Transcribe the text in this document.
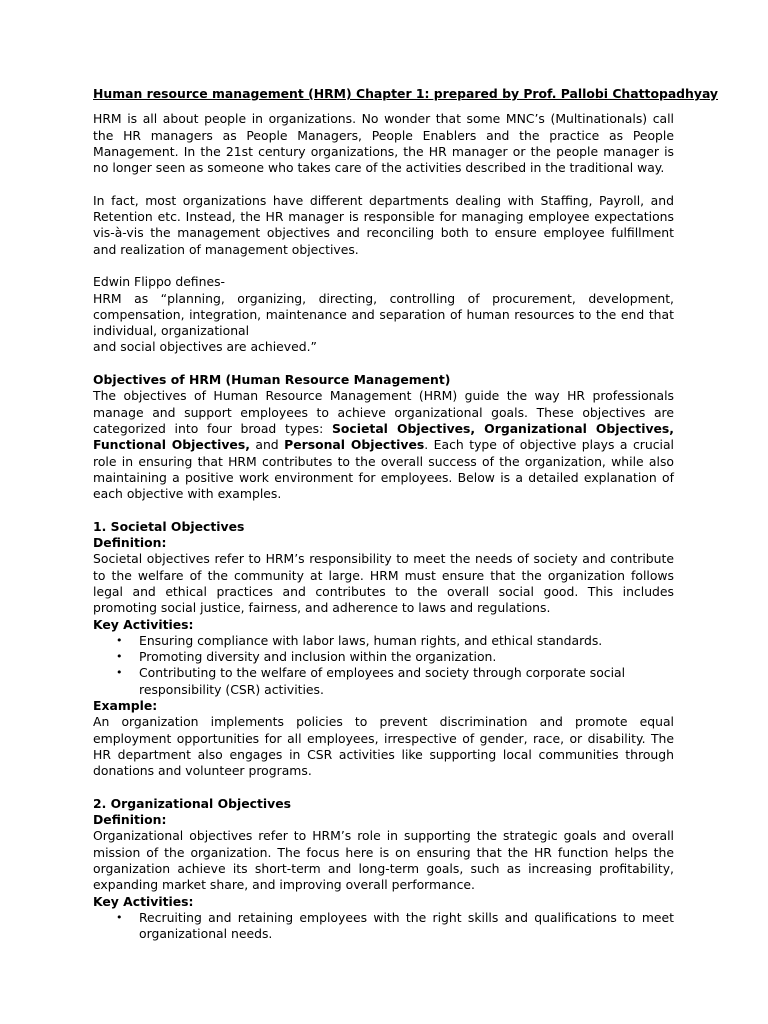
Human resource management (HRM) Chapter 1: prepared by Prof. Pallobi Chattopadhyay

HRM is all about people in organizations. No wonder that some MNC’s (Multinationals) call the HR managers as People Managers, People Enablers and the practice as People Management. In the 21st century organizations, the HR manager or the people manager is no longer seen as someone who takes care of the activities described in the traditional way.

In fact, most organizations have different departments dealing with Staffing, Payroll, and Retention etc. Instead, the HR manager is responsible for managing employee expectations vis-à-vis the management objectives and reconciling both to ensure employee fulfillment and realization of management objectives.

Edwin Flippo defines-

HRM as “planning, organizing, directing, controlling of procurement, development, compensation, integration, maintenance and separation of human resources to the end that individual, organizational

and social objectives are achieved.”

Objectives of HRM (Human Resource Management)

The objectives of Human Resource Management (HRM) guide the way HR professionals manage and support employees to achieve organizational goals. These objectives are categorized into four broad types: Societal Objectives, Organizational Objectives, Functional Objectives, and Personal Objectives. Each type of objective plays a crucial role in ensuring that HRM contributes to the overall success of the organization, while also maintaining a positive work environment for employees. Below is a detailed explanation of each objective with examples.

1. Societal Objectives

Definition:

Societal objectives refer to HRM’s responsibility to meet the needs of society and contribute to the welfare of the community at large. HRM must ensure that the organization follows legal and ethical practices and contributes to the overall social good. This includes promoting social justice, fairness, and adherence to laws and regulations.

Key Activities:

• Ensuring compliance with labor laws, human rights, and ethical standards.
• Promoting diversity and inclusion within the organization.
• Contributing to the welfare of employees and society through corporate social responsibility (CSR) activities.

Example:

An organization implements policies to prevent discrimination and promote equal employment opportunities for all employees, irrespective of gender, race, or disability. The HR department also engages in CSR activities like supporting local communities through donations and volunteer programs.

2. Organizational Objectives

Definition:

Organizational objectives refer to HRM’s role in supporting the strategic goals and overall mission of the organization. The focus here is on ensuring that the HR function helps the organization achieve its short-term and long-term goals, such as increasing profitability, expanding market share, and improving overall performance.

Key Activities:

• Recruiting and retaining employees with the right skills and qualifications to meet organizational needs.
